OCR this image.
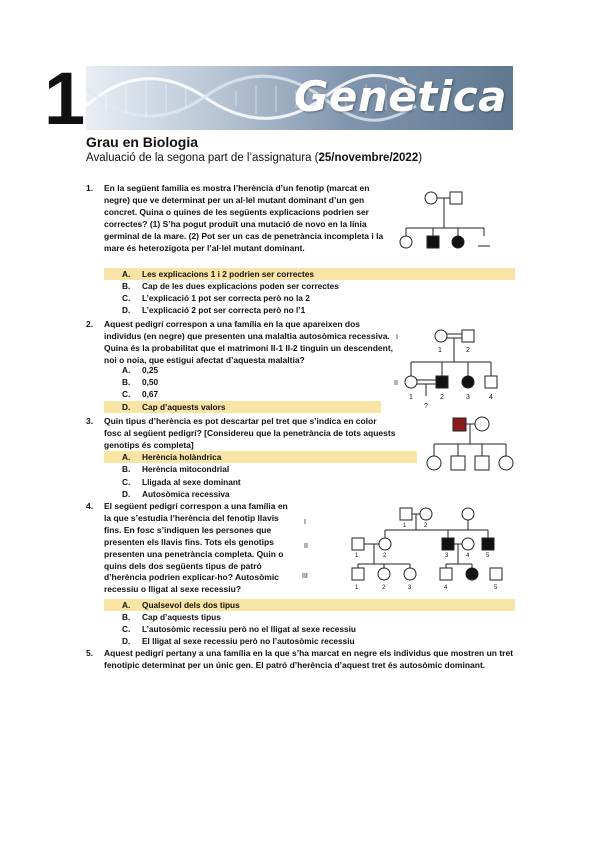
1	Genètica
Grau en Biologia
Avaluació de la segona part de l’assignatura (25/novembre/2022)
1. En la següent família es mostra l’herència d’un fenotip (marcat en negre) que ve determinat per un al·lel mutant dominant d’un gen concret. Quina o quines de les següents explicacions podrien ser correctes? (1) S’ha pogut produït una mutació de novo en la línia germinal de la mare. (2) Pot ser un cas de penetrància incompleta i la mare és heterozigota per l’al·lel mutant dominant.
A. Les explicacions 1 i 2 podrien ser correctes
B. Cap de les dues explicacions poden ser correctes
C. L’explicació 1 pot ser correcta però no la 2
D. L’explicació 2 pot ser correcta però no l’1
2. Aquest pedigrí correspon a una família en la que apareixen dos individus (en negre) que presenten una malaltia autosòmica recessiva. Quina és la probabilitat que el matrimoni II-1 II-2 tinguin un descendent, noi o noia, que estigui afectat d’aquesta malaltia?
A. 0,25
B. 0,50
C. 0,67
D. Cap d’aquests valors
I
1	2
II
1	2	3	4
?
3. Quin tipus d’herència es pot descartar pel tret que s’indica en color fosc al següent pedigrí? [Considereu que la penetrància de tots aquests genotips és completa]
A. Herència holàndrica
B. Herència mitocondrial
C. Lligada al sexe dominant
D. Autosòmica recessiva
4. El següent pedigrí correspon a una família en la que s’estudia l’herència del fenotip llavis fins. En fosc s’indiquen les persones que presenten els llavis fins. Tots els genotips presenten una penetrància completa. Quin o quins dels dos següents tipus de patró d’herència podrien explicar-ho? Autosòmic recessiu o lligat al sexe recessiu?
A. Qualsevol dels dos tipus
B. Cap d’aquests tipus
C. L’autosòmic recessiu però no el lligat al sexe recessiu
D. El lligat al sexe recessiu però no l’autosòmic recessiu
I
II
III
1	2
1	2	3	4	5
1	2	3	4	5
5. Aquest pedigrí pertany a una família en la que s’ha marcat en negre els individus que mostren un tret fenotípic determinat per un únic gen. El patró d’herència d’aquest tret és autosòmic dominant.
